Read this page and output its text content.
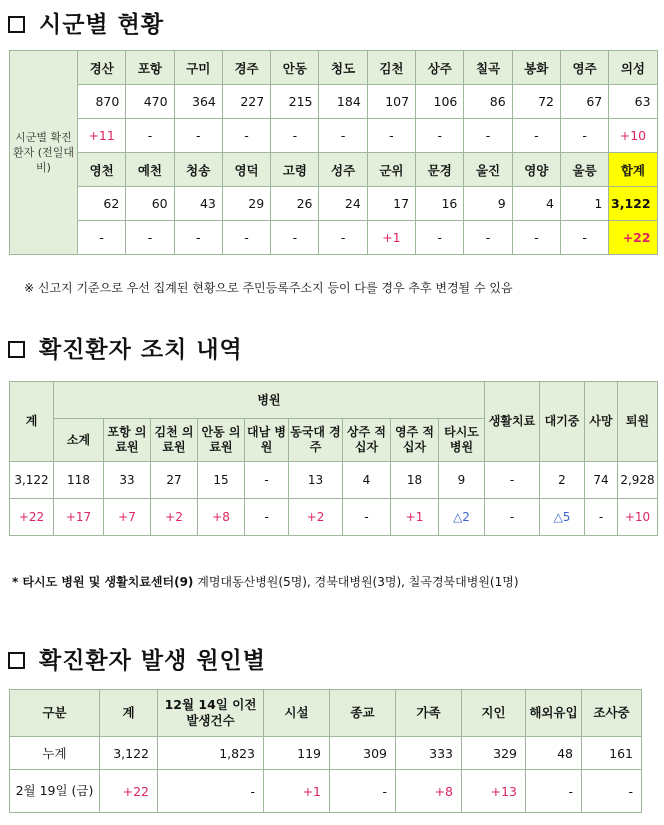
시군별 현황
시군별 확진환자 (전일대비)	경산	포항	구미	경주	안동	청도	김천	상주	칠곡	봉화	영주	의성
	870	470	364	227	215	184	107	106	86	72	67	63
	+11	-	-	-	-	-	-	-	-	-	-	+10
	영천	예천	청송	영덕	고령	성주	군위	문경	울진	영양	울릉	합계
	62	60	43	29	26	24	17	16	9	4	1	3,122
	-	-	-	-	-	-	+1	-	-	-	-	+22
※ 신고지 기준으로 우선 집계된 현황으로 주민등록주소지 등이 다를 경우 추후 변경될 수 있음
확진환자 조치 내역
계	병원									생활치료	대기중	사망	퇴원
	소계	포항 의료원	김천 의료원	안동 의료원	대남 병원	동국대 경주	상주 적십자	영주 적십자	타시도 병원				
3,122	118	33	27	15	-	13	4	18	9	-	2	74	2,928
+22	+17	+7	+2	+8	-	+2	-	+1	△2	-	△5	-	+10
* 타시도 병원 및 생활치료센터(9) 계명대동산병원(5명), 경북대병원(3명), 칠곡경북대병원(1명)
확진환자 발생 원인별
구분	계	12월 14일 이전 발생건수	시설	종교	가족	지인	해외유입	조사중
누계	3,122	1,823	119	309	333	329	48	161
2월 19일 (금)	+22	-	+1	-	+8	+13	-	-
